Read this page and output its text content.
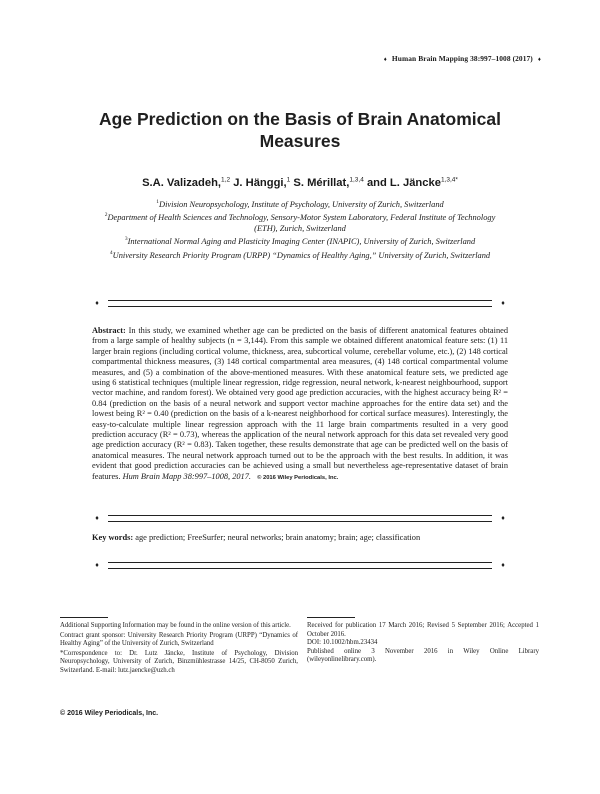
♦ Human Brain Mapping 38:997–1008 (2017) ♦
Age Prediction on the Basis of Brain Anatomical Measures
S.A. Valizadeh,$^{1,2}$ J. Hänggi,$^1$ S. Mérillat,$^{1,3,4}$ and L. Jäncke$^{1,3,4*}$
$^1$Division Neuropsychology, Institute of Psychology, University of Zurich, Switzerland
$^2$Department of Health Sciences and Technology, Sensory-Motor System Laboratory, Federal Institute of Technology (ETH), Zurich, Switzerland
$^3$International Normal Aging and Plasticity Imaging Center (INAPIC), University of Zurich, Switzerland
$^4$University Research Priority Program (URPP) “Dynamics of Healthy Aging,” University of Zurich, Switzerland
♦	♦
Abstract: In this study, we examined whether age can be predicted on the basis of different anatomical features obtained from a large sample of healthy subjects (n = 3,144). From this sample we obtained different anatomical feature sets: (1) 11 larger brain regions (including cortical volume, thickness, area, subcortical volume, cerebellar volume, etc.), (2) 148 cortical compartmental thickness measures, (3) 148 cortical compartmental area measures, (4) 148 cortical compartmental volume measures, and (5) a combination of the above-mentioned measures. With these anatomical feature sets, we predicted age using 6 statistical techniques (multiple linear regression, ridge regression, neural network, k-nearest neighbourhood, support vector machine, and random forest). We obtained very good age prediction accuracies, with the highest accuracy being R² = 0.84 (prediction on the basis of a neural network and support vector machine approaches for the entire data set) and the lowest being R² = 0.40 (prediction on the basis of a k-nearest neighborhood for cortical surface measures). Interestingly, the easy-to-calculate multiple linear regression approach with the 11 large brain compartments resulted in a very good prediction accuracy (R² = 0.73), whereas the application of the neural network approach for this data set revealed very good age prediction accuracy (R² = 0.83). Taken together, these results demonstrate that age can be predicted well on the basis of anatomical measures. The neural network approach turned out to be the approach with the best results. In addition, it was evident that good prediction accuracies can be achieved using a small but nevertheless age-representative dataset of brain features. Hum Brain Mapp 38:997–1008, 2017. © 2016 Wiley Periodicals, Inc.
♦	♦
Key words: age prediction; FreeSurfer; neural networks; brain anatomy; brain; age; classification
♦	♦

Additional Supporting Information may be found in the online version of this article.

Contract grant sponsor: University Research Priority Program (URPP) “Dynamics of Healthy Aging” of the University of Zurich, Switzerland

*Correspondence to: Dr. Lutz Jäncke, Institute of Psychology, Division Neuropsychology, University of Zurich, Binzmühlestrasse 14/25, CH-8050 Zurich, Switzerland. E-mail: lutz.jaencke@uzh.ch

Received for publication 17 March 2016; Revised 5 September 2016; Accepted 1 October 2016.

DOI: 10.1002/hbm.23434

Published online 3 November 2016 in Wiley Online Library (wileyonlinelibrary.com).

© 2016 Wiley Periodicals, Inc.
